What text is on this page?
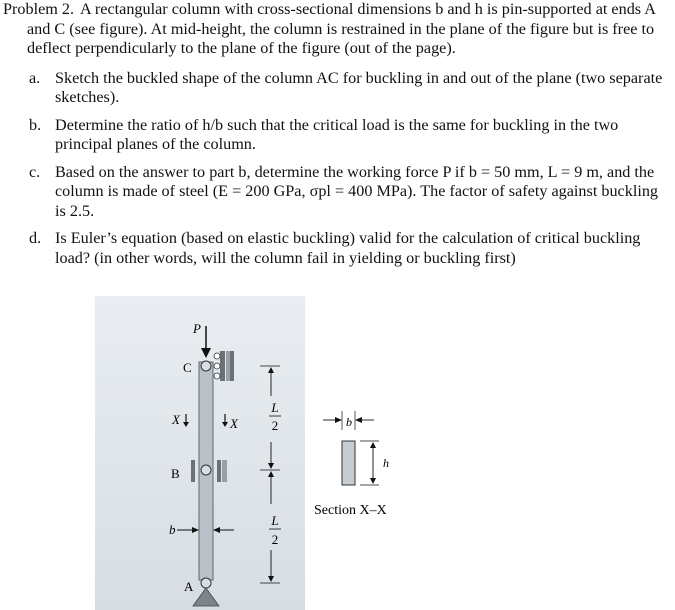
Problem 2. A rectangular column with cross-sectional dimensions b and h is pin-supported at ends A and C (see figure). At mid-height, the column is restrained in the plane of the figure but is free to deflect perpendicularly to the plane of the figure (out of the page).

a. Sketch the buckled shape of the column AC for buckling in and out of the plane (two separate sketches).
b. Determine the ratio of h/b such that the critical load is the same for buckling in the two principal planes of the column.
c. Based on the answer to part b, determine the working force P if b = 50 mm, L = 9 m, and the column is made of steel (E = 200 GPa, σpl = 400 MPa). The factor of safety against buckling is 2.5.
d. Is Euler’s equation (based on elastic buckling) valid for the calculation of critical buckling load? (in other words, will the column fail in yielding or buckling first)
P
C
X	X
B
b
A
L
2
L
2
b
h
Section X–X
